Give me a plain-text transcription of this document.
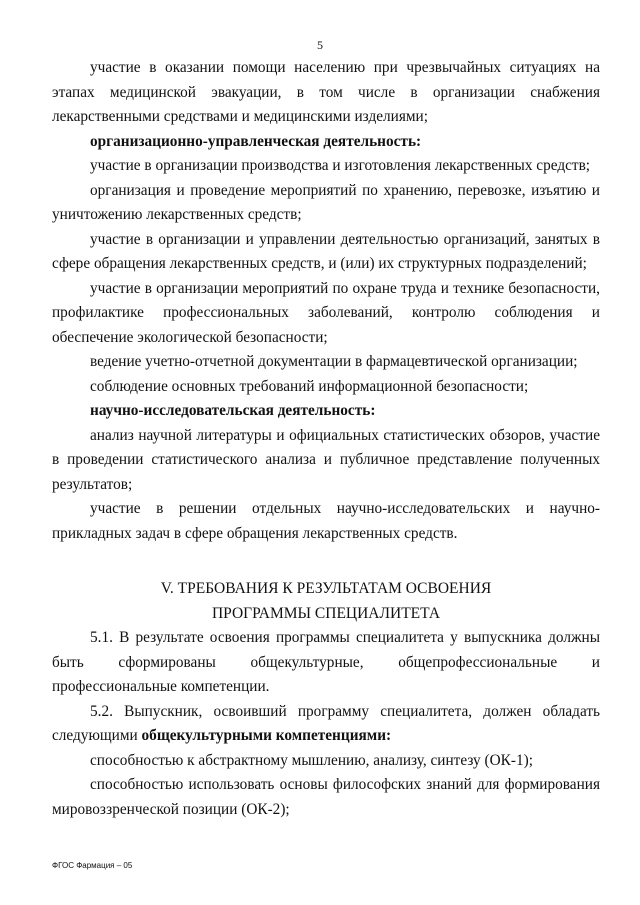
5

участие в оказании помощи населению при чрезвычайных ситуациях на этапах медицинской эвакуации, в том числе в организации снабжения лекарственными средствами и медицинскими изделиями;

организационно-управленческая деятельность:

участие в организации производства и изготовления лекарственных средств;

организация и проведение мероприятий по хранению, перевозке, изъятию и уничтожению лекарственных средств;

участие в организации и управлении деятельностью организаций, занятых в сфере обращения лекарственных средств, и (или) их структурных подразделений;

участие в организации мероприятий по охране труда и технике безопасности, профилактике профессиональных заболеваний, контролю соблюдения и обеспечение экологической безопасности;

ведение учетно-отчетной документации в фармацевтической организации;

соблюдение основных требований информационной безопасности;

научно-исследовательская деятельность:

анализ научной литературы и официальных статистических обзоров, участие в проведении статистического анализа и публичное представление полученных результатов;

участие в решении отдельных научно-исследовательских и научно-прикладных задач в сфере обращения лекарственных средств.

V. ТРЕБОВАНИЯ К РЕЗУЛЬТАТАМ ОСВОЕНИЯ
ПРОГРАММЫ СПЕЦИАЛИТЕТА

5.1. В результате освоения программы специалитета у выпускника должны быть сформированы общекультурные, общепрофессиональные и профессиональные компетенции.

5.2. Выпускник, освоивший программу специалитета, должен обладать следующими общекультурными компетенциями:

способностью к абстрактному мышлению, анализу, синтезу (ОК-1);

способностью использовать основы философских знаний для формирования мировоззренческой позиции (ОК-2);

ФГОС Фармация – 05
